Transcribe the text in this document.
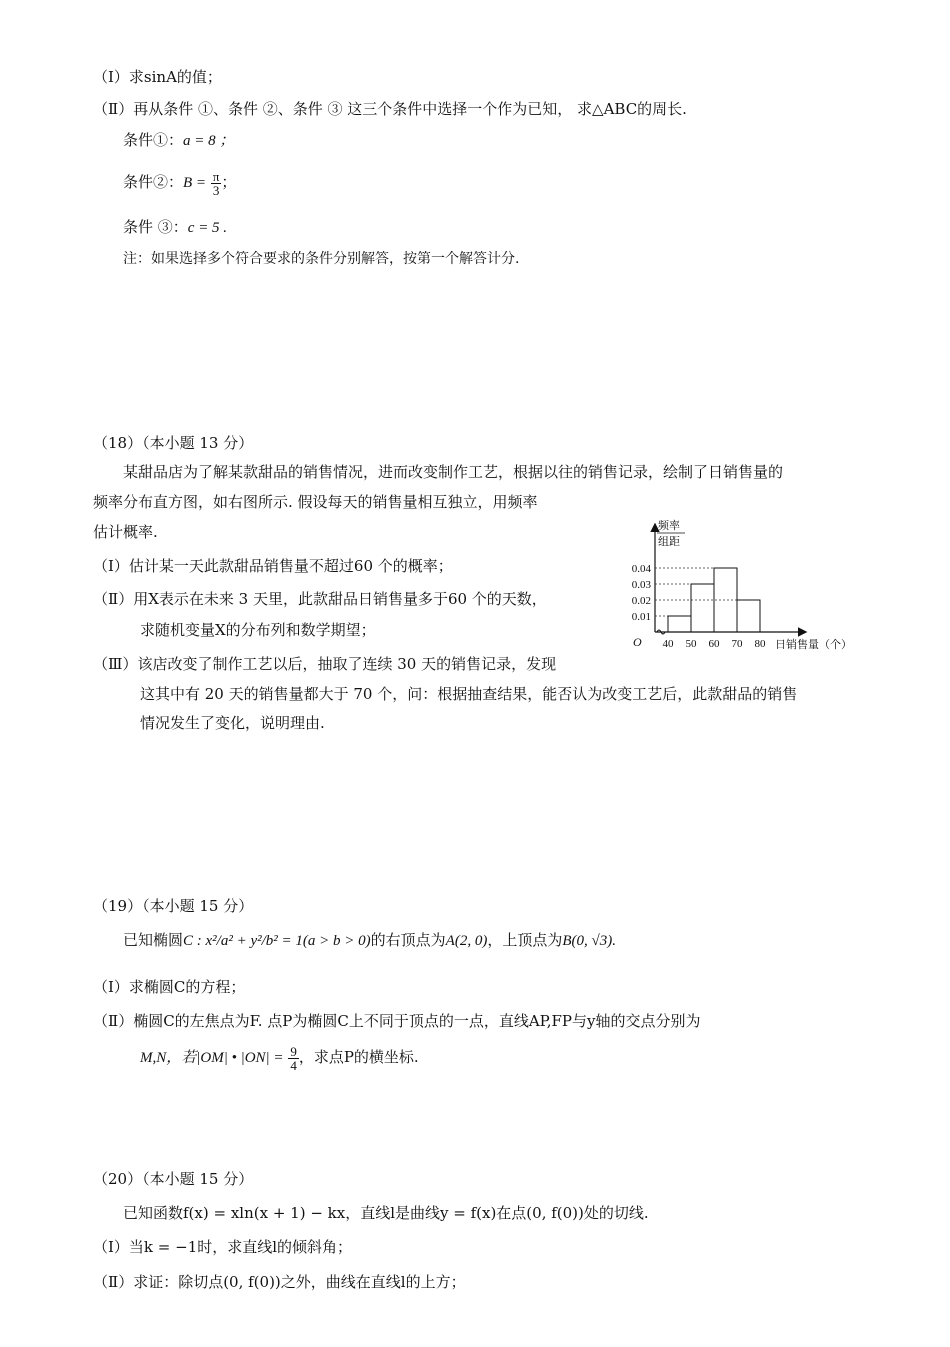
（Ⅰ）求sinA的值；
（Ⅱ）再从条件 ①、条件 ②、条件 ③ 这三个条件中选择一个作为已知， 求△ABC的周长.
条件①：a = 8 ；
条件②：$B = \frac{\pi}{3}$ ；
条件 ③：c = 5 .
注：如果选择多个符合要求的条件分别解答，按第一个解答计分.
（18）（本小题 13 分）
某甜品店为了解某款甜品的销售情况，进而改变制作工艺，根据以往的销售记录，绘制了日销售量的
频率分布直方图，如右图所示. 假设每天的销售量相互独立，用频率
估计概率.
（Ⅰ）估计某一天此款甜品销售量不超过60 个的概率；
（Ⅱ）用X表示在未来 3 天里，此款甜品日销售量多于60 个的天数，
求随机变量X的分布列和数学期望；
（Ⅲ）该店改变了制作工艺以后，抽取了连续 30 天的销售记录，发现
这其中有 20 天的销售量都大于 70 个，问：根据抽查结果，能否认为改变工艺后，此款甜品的销售
情况发生了变化，说明理由.
0.01
0.02
0.03
0.04
40 50 60 70 80
O	日销售量（个）
频率
组距
（19）（本小题 15 分）
已知椭圆C : x²/a² + y²/b² = 1(a > b > 0)的右顶点为A(2, 0)，上顶点为B(0, √3).
（Ⅰ）求椭圆C的方程；
（Ⅱ）椭圆C的左焦点为F. 点P为椭圆C上不同于顶点的一点，直线AP,FP与y轴的交点分别为
M,N，若|OM| • $|ON| = \frac{9}{4}$ ，求点P的横坐标.
（20）（本小题 15 分）
已知函数f(x) = xln(x + 1) − kx，直线l是曲线y = f(x)在点(0, f(0))处的切线.
（Ⅰ）当k = −1时，求直线l的倾斜角；
（Ⅱ）求证：除切点(0, f(0))之外，曲线在直线l的上方；
